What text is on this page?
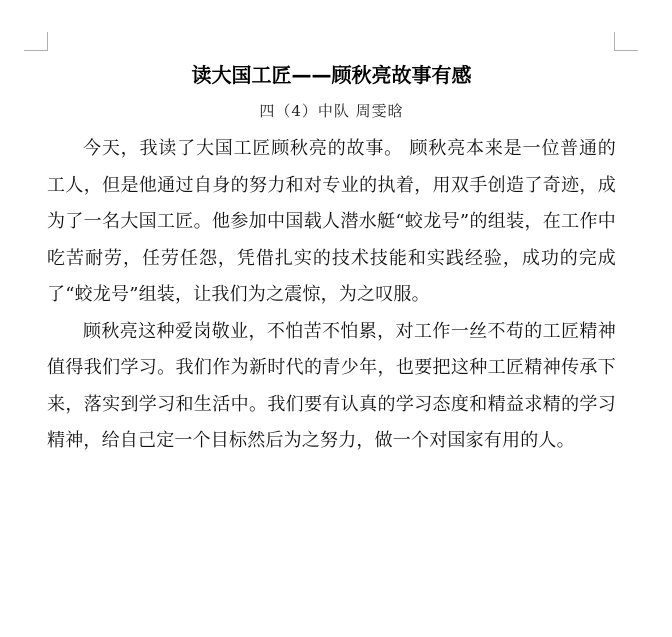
读大国工匠——顾秋亮故事有感
四（4）中队 周雯晗

今天，我读了大国工匠顾秋亮的故事。 顾秋亮本来是一位普通的工人，但是他通过自身的努力和对专业的执着，用双手创造了奇迹，成为了一名大国工匠。他参加中国载人潜水艇“蛟龙号”的组装，在工作中吃苦耐劳，任劳任怨，凭借扎实的技术技能和实践经验，成功的完成了“蛟龙号”组装，让我们为之震惊，为之叹服。

顾秋亮这种爱岗敬业，不怕苦不怕累，对工作一丝不苟的工匠精神值得我们学习。我们作为新时代的青少年，也要把这种工匠精神传承下来，落实到学习和生活中。我们要有认真的学习态度和精益求精的学习精神，给自己定一个目标然后为之努力，做一个对国家有用的人。
